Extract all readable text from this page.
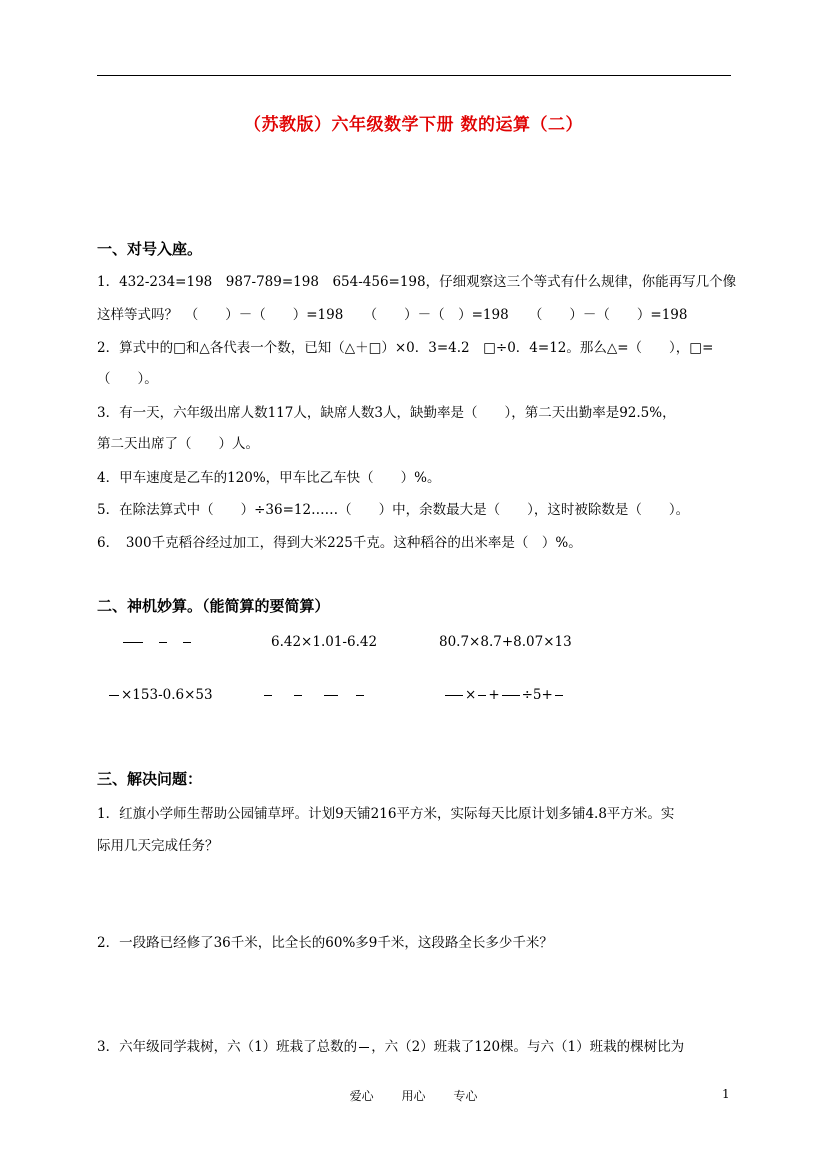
（苏教版）六年级数学下册 数的运算（二）
一、对号入座。
1．432-234=198　987-789=198　654-456=198，仔细观察这三个等式有什么规律，你能再写几个像
这样等式吗？　（　　）－（　　）=198　　（　　）－（　）=198　　（　　）－（　　）=198
2．算式中的□和△各代表一个数，已知（△＋□）×0．3=4.2　□÷0．4=12。那么△=（　　），□=
（　　）。
3．有一天，六年级出席人数117人，缺席人数3人，缺勤率是（　　），第二天出勤率是92.5%，
第二天出席了（　　）人。
4．甲车速度是乙车的120%，甲车比乙车快（　　）%。
5．在除法算式中（　　）÷36=12……（　　）中，余数最大是（　　），这时被除数是（　　）。
6．　300千克稻谷经过加工，得到大米225千克。这种稻谷的出米率是（　）%。
二、神机妙算。（能简算的要简算）
6.42×1.01-6.42	80.7×8.7+8.07×13
×153-0.6×53	× + ÷5+
三、解决问题：
1．红旗小学师生帮助公园铺草坪。计划9天铺216平方米，实际每天比原计划多铺4.8平方米。实
际用几天完成任务？
2．一段路已经修了36千米，比全长的60%多9千米，这段路全长多少千米？
3．六年级同学栽树，六（1）班栽了总数的 ，六（2）班栽了120棵。与六（1）班栽的棵树比为
爱心 用心 专心	1
